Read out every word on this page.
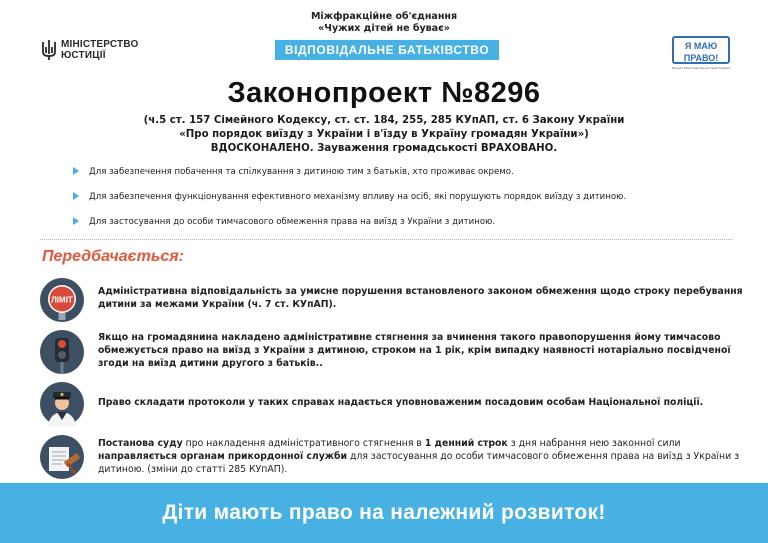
Міжфракційне об'єднання
«Чужих дітей не буває»
МІНІСТЕРСТВО
ЮСТИЦІЇ	ВІДПОВІДАЛЬНЕ БАТЬКІВСТВО	Я МАЮ
ПРАВО!
Проект Міністерства юстиції України
Законопроект №8296
(ч.5 ст. 157 Сімейного Кодексу, ст. ст. 184, 255, 285 КУпАП, ст. 6 Закону України
«Про порядок виїзду з України і в'їзду в Україну громадян України»)
ВДОСКОНАЛЕНО. Зауваження громадськості ВРАХОВАНО.
Для забезпечення побачення та спілкування з дитиною тим з батьків, хто проживає окремо.
Для забезпечення функціонування ефективного механізму впливу на осіб, які порушують порядок виїзду з дитиною.
Для застосування до особи тимчасового обмеження права на виїзд з України з дитиною.
Передбачається:
ЛІМІТ
Адміністративна відповідальність за умисне порушення встановленого законом обмеження щодо строку перебування дитини за межами України (ч. 7 ст. КУпАП).
Якщо на громадянина накладено адміністративне стягнення за вчинення такого правопорушення йому тимчасово обмежується право на виїзд з України з дитиною, строком на 1 рік, крім випадку наявності нотаріально посвідченої згоди на виїзд дитини другого з батьків..
Право складати протоколи у таких справах надається уповноваженим посадовим особам Національної поліції.
Постанова суду про накладення адміністративного стягнення в 1 денний строк з дня набрання нею законної сили направляється органам прикордонної служби для застосування до особи тимчасового обмеження права на виїзд з України з дитиною. (зміни до статті 285 КУпАП).
Діти мають право на належний розвиток!
